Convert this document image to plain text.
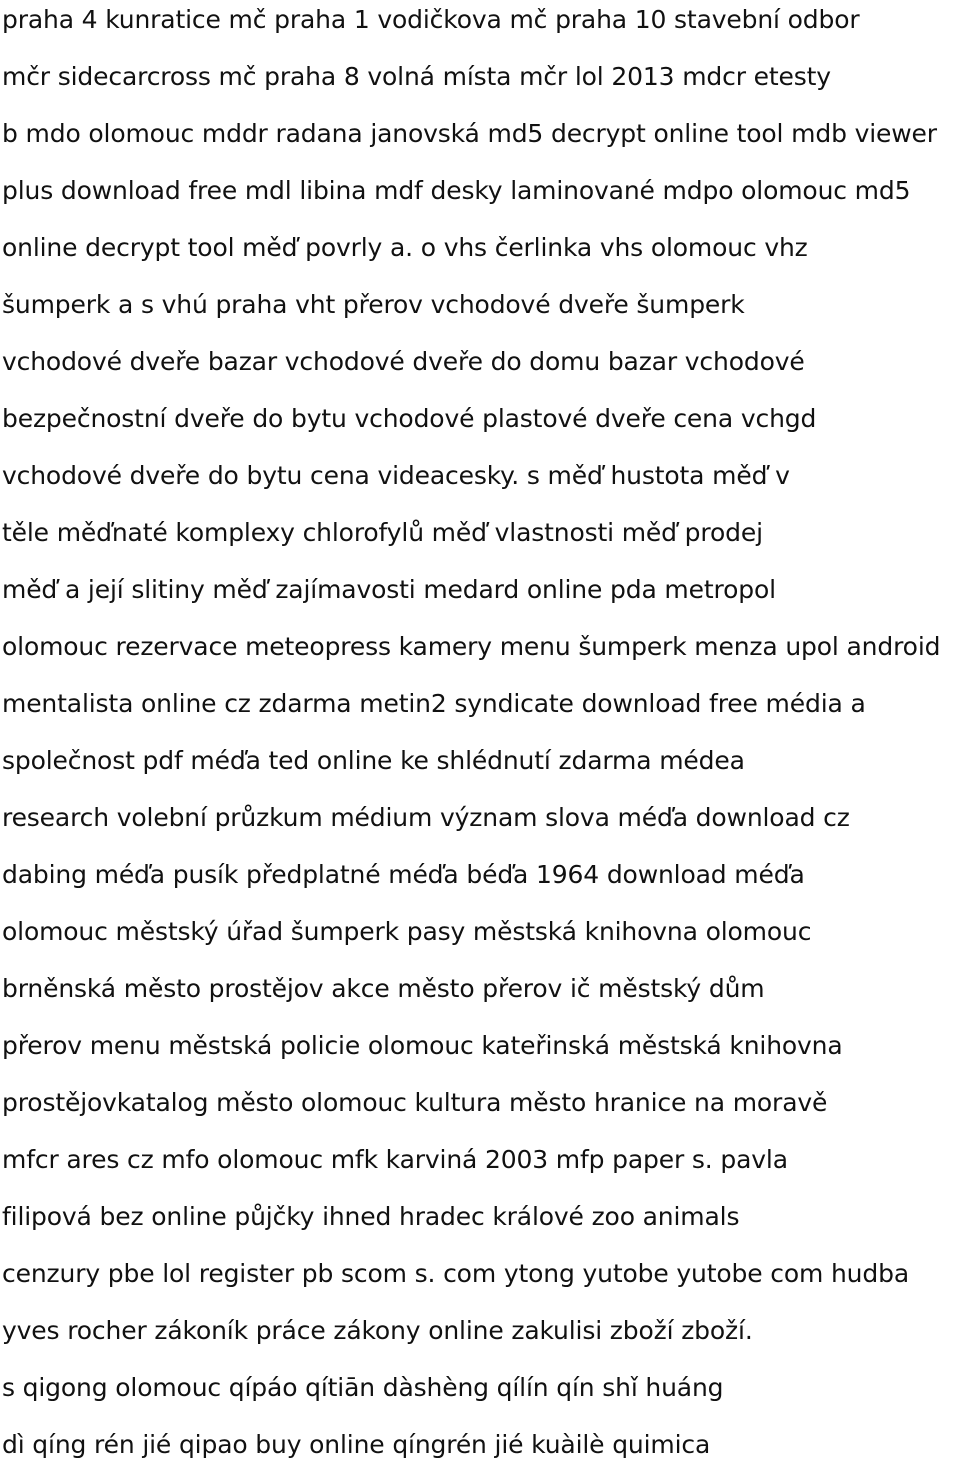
praha 4 kunratice mč praha 1 vodičkova mč praha 10 stavební odbor
mčr sidecarcross mč praha 8 volná místa mčr lol 2013 mdcr etesty
b mdo olomouc mddr radana janovská md5 decrypt online tool mdb viewer
plus download free mdl libina mdf desky laminované mdpo olomouc md5
online decrypt tool měď povrly a. o vhs čerlinka vhs olomouc vhz
šumperk a s vhú praha vht přerov vchodové dveře šumperk
vchodové dveře bazar vchodové dveře do domu bazar vchodové
bezpečnostní dveře do bytu vchodové plastové dveře cena vchgd
vchodové dveře do bytu cena videacesky. s měď hustota měď v
těle měďnaté komplexy chlorofylů měď vlastnosti měď prodej
měď a její slitiny měď zajímavosti medard online pda metropol
olomouc rezervace meteopress kamery menu šumperk menza upol android
mentalista online cz zdarma metin2 syndicate download free média a
společnost pdf méďa ted online ke shlédnutí zdarma médea
research volební průzkum médium význam slova méďa download cz
dabing méďa pusík předplatné méďa béďa 1964 download méďa
olomouc městský úřad šumperk pasy městská knihovna olomouc
brněnská město prostějov akce město přerov ič městský dům
přerov menu městská policie olomouc kateřinská městská knihovna
prostějovkatalog město olomouc kultura město hranice na moravě
mfcr ares cz mfo olomouc mfk karviná 2003 mfp paper s. pavla
filipová bez online půjčky ihned hradec králové zoo animals
cenzury pbe lol register pb scom s. com ytong yutobe yutobe com hudba
yves rocher zákoník práce zákony online zakulisi zboží zboží.
s qigong olomouc qípáo qítiān dàshèng qílín qín shǐ huáng
dì qíng rén jié qipao buy online qíngrén jié kuàilè quimica
